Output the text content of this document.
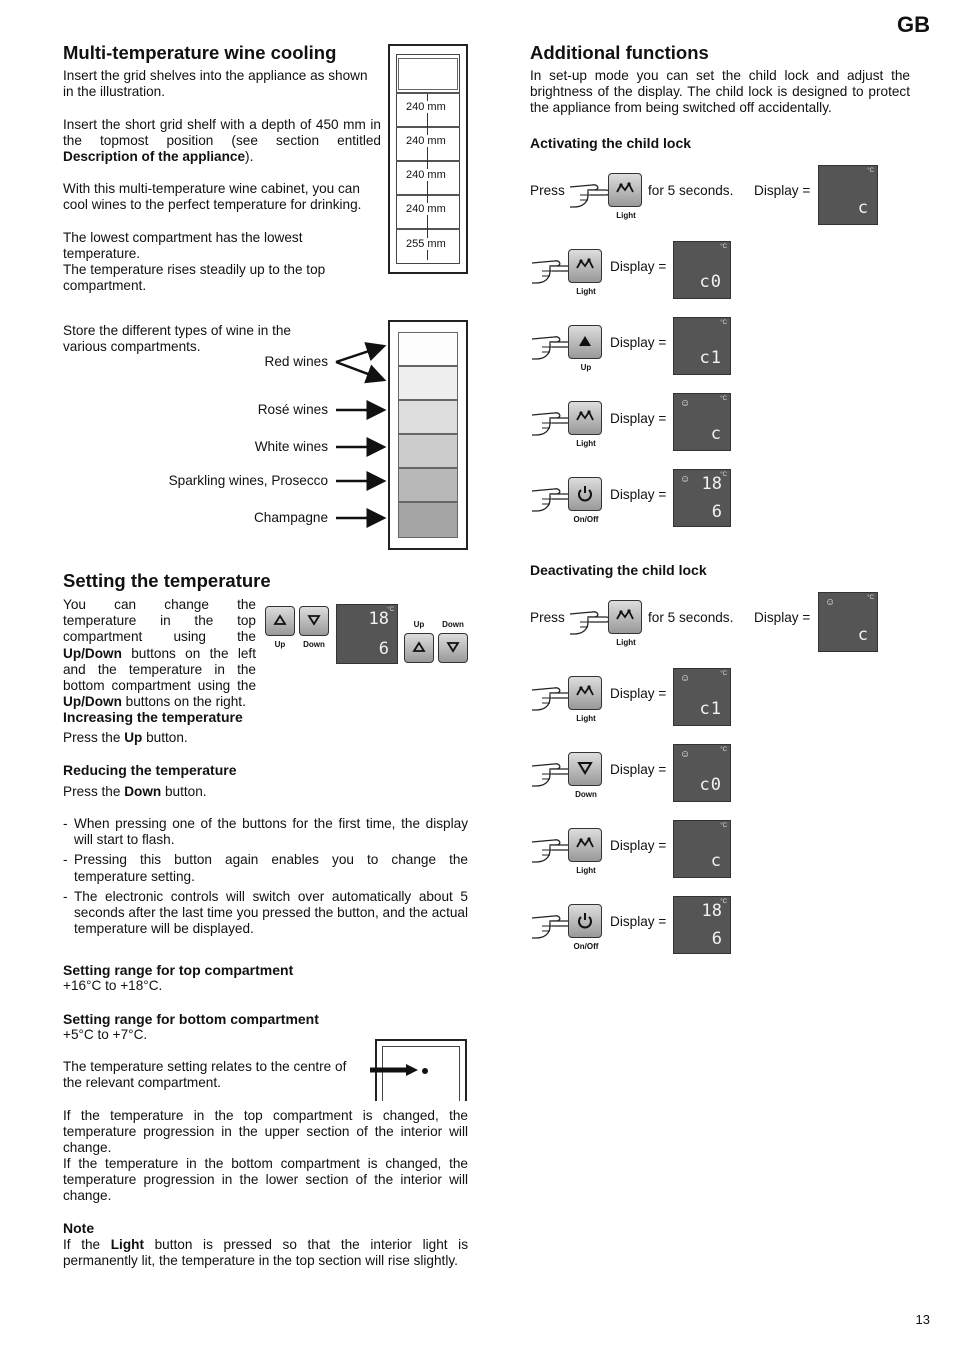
GB
13
Multi-temperature wine cooling

Insert the grid shelves into the appliance as shown in the illustration.

Insert the short grid shelf with a depth of 450 mm in the topmost position (see section entitled Description of the appliance).

With this multi-temperature wine cabinet, you can cool wines to the perfect temperature for drinking.

The lowest compartment has the lowest temperature.

The temperature rises steadily up to the top compartment.

240 mm
240 mm
240 mm
240 mm
255 mm

Store the different types of wine in the various compartments.

Red wines
Rosé wines
White wines
Sparkling wines, Prosecco
Champagne
Setting the temperature

You can change the temperature in the top compartment using the Up/Down buttons on the left and the temperature in the bottom compartment using the Up/Down buttons on the right.

Up	Down
°C
18
6
Up	Down
Increasing the temperature

Press the Up button.

Reducing the temperature

Press the Down button.

- When pressing one of the buttons for the first time, the display will start to flash.
- Pressing this button again enables you to change the temperature setting.
- The electronic controls will switch over automatically about 5 seconds after the last time you pressed the button, and the actual temperature will be displayed.
Setting range for top compartment

+16°C to +18°C.

Setting range for bottom compartment

+5°C to +7°C.

The temperature setting relates to the centre of the relevant compartment.

If the temperature in the top compartment is changed, the temperature progression in the upper section of the interior will change.

If the temperature in the bottom compartment is changed, the temperature progression in the lower section of the interior will change.

Note

If the Light button is pressed so that the interior light is permanently lit, the temperature in the top section will rise slightly.

Additional functions

In set-up mode you can set the child lock and adjust the brightness of the display. The child lock is designed to protect the appliance from being switched off accidentally.

Activating the child lock
Press
Light
for 5 seconds. Display =
°C
c
Light
Display =
°C
c0
Up
Display =
°C
c1
Light
Display =
°C
☺
c
On/Off
Display =
°C
☺ 18
6
Deactivating the child lock
Press
Light
for 5 seconds. Display =
°C
☺
c
Light
Display =
°C
☺
c1
Down
Display =
°C
☺
c0
Light
Display =
°C
c
On/Off
Display =
°C
18
6
